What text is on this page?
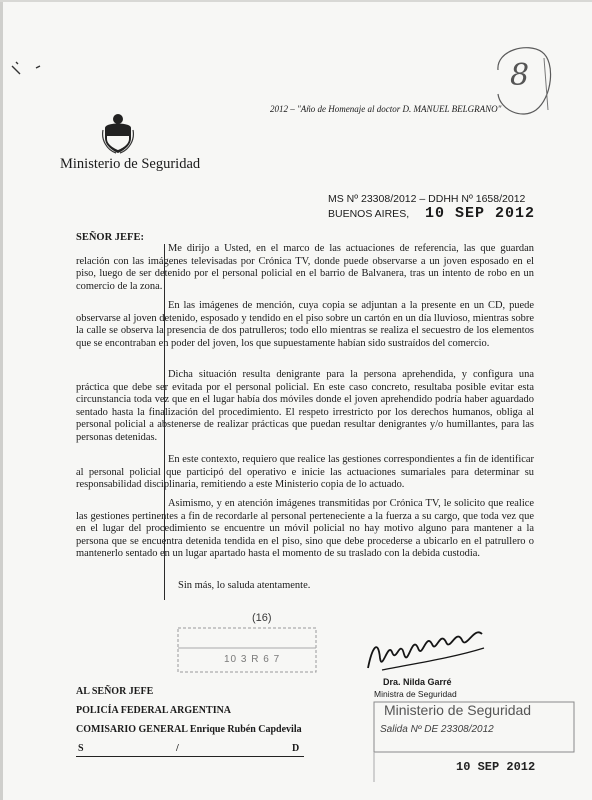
8
2012 – "Año de Homenaje al doctor D. MANUEL BELGRANO"
Ministerio de Seguridad
MS Nº 23308/2012 – DDHH Nº 1658/2012
BUENOS AIRES, 10 SEP 2012
SEÑOR JEFE:

Me dirijo a Usted, en el marco de las actuaciones de referencia, las que guardan relación con las imágenes televisadas por Crónica TV, donde puede observarse a un joven esposado en el piso, luego de ser detenido por el personal policial en el barrio de Balvanera, tras un intento de robo en un comercio de la zona.

En las imágenes de mención, cuya copia se adjuntan a la presente en un CD, puede observarse al joven detenido, esposado y tendido en el piso sobre un cartón en un día lluvioso, mientras sobre la calle se observa la presencia de dos patrulleros; todo ello mientras se realiza el secuestro de los elementos que se encontraban en poder del joven, los que supuestamente habían sido sustraídos del comercio.

Dicha situación resulta denigrante para la persona aprehendida, y configura una práctica que debe ser evitada por el personal policial. En este caso concreto, resultaba posible evitar esta circunstancia toda vez que en el lugar había dos móviles donde el joven aprehendido podría haber aguardado sentado hasta la finalización del procedimiento. El respeto irrestricto por los derechos humanos, obliga al personal policial a abstenerse de realizar prácticas que puedan resultar denigrantes y/o humillantes, para las personas detenidas.

En este contexto, requiero que realice las gestiones correspondientes a fin de identificar al personal policial que participó del operativo e inicie las actuaciones sumariales para determinar su responsabilidad disciplinaria, remitiendo a este Ministerio copia de lo actuado.

Asimismo, y en atención imágenes transmitidas por Crónica TV, le solicito que realice las gestiones pertinentes a fin de recordarle al personal perteneciente a la fuerza a su cargo, que toda vez que en el lugar del procedimiento se encuentre un móvil policial no hay motivo alguno para mantener a la persona que se encuentra detenida tendida en el piso, sino que debe procederse a ubicarlo en el patrullero o mantenerlo sentado en un lugar apartado hasta el momento de su traslado con la debida custodia.

Sin más, lo saluda atentamente.
(16)
10 3 R 6 7
Dra. Nilda Garré
Ministra de Seguridad
AL SEÑOR JEFE
POLICÍA FEDERAL ARGENTINA
COMISARIO GENERAL Enrique Rubén Capdevila
S	/	D
Ministerio de Seguridad
Salida Nº DE 23308/2012
10 SEP 2012
